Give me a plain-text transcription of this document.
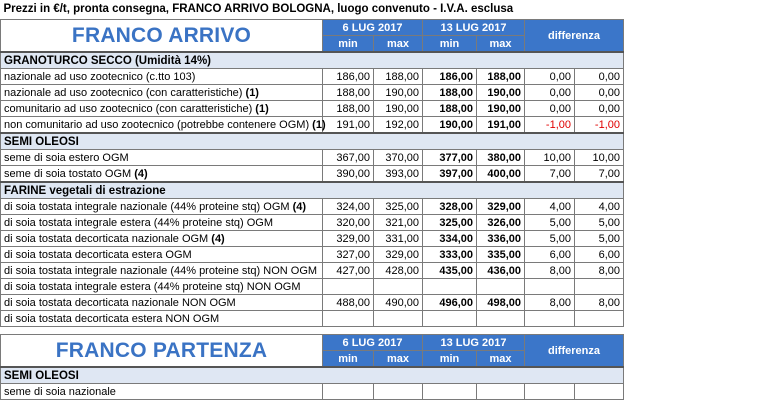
Prezzi in €/t, pronta consegna, FRANCO ARRIVO BOLOGNA, luogo convenuto - I.V.A. esclusa								
FRANCO ARRIVO	6 LUG 2017		13 LUG 2017		differenza			
	min	max	min	max				
GRANOTURCO SECCO (Umidità 14%)								
nazionale ad uso zootecnico (c.tto 103)	186,00	188,00	186,00	188,00	0,00	0,00		
nazionale ad uso zootecnico (con caratteristiche) (1)	188,00	190,00	188,00	190,00	0,00	0,00		
comunitario ad uso zootecnico (con caratteristiche) (1)	188,00	190,00	188,00	190,00	0,00	0,00		
non comunitario ad uso zootecnico (potrebbe contenere OGM) (1)	191,00	192,00	190,00	191,00	-1,00	-1,00		
SEMI OLEOSI								
seme di soia estero OGM	367,00	370,00	377,00	380,00	10,00	10,00		
seme di soia tostato OGM (4)	390,00	393,00	397,00	400,00	7,00	7,00		
FARINE vegetali di estrazione								
di soia tostata integrale nazionale (44% proteine stq) OGM (4)	324,00	325,00	328,00	329,00	4,00	4,00		
di soia tostata integrale estera (44% proteine stq) OGM	320,00	321,00	325,00	326,00	5,00	5,00		
di soia tostata decorticata nazionale OGM (4)	329,00	331,00	334,00	336,00	5,00	5,00		
di soia tostata decorticata estera OGM	327,00	329,00	333,00	335,00	6,00	6,00		
di soia tostata integrale nazionale (44% proteine stq) NON OGM	427,00	428,00	435,00	436,00	8,00	8,00		
di soia tostata integrale estera (44% proteine stq) NON OGM								
di soia tostata decorticata nazionale NON OGM	488,00	490,00	496,00	498,00	8,00	8,00		
di soia tostata decorticata estera NON OGM								

FRANCO PARTENZA	6 LUG 2017		13 LUG 2017		differenza			
	min	max	min	max				
SEMI OLEOSI								
seme di soia nazionale								
